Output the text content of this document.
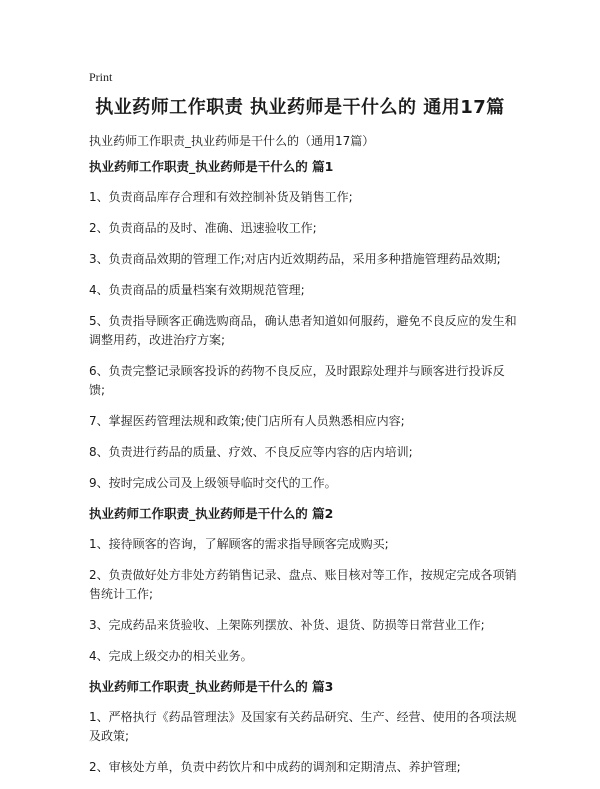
Print
执业药师工作职责 执业药师是干什么的 通用17篇

执业药师工作职责_执业药师是干什么的（通用17篇）

执业药师工作职责_执业药师是干什么的 篇1

1、负责商品库存合理和有效控制补货及销售工作;

2、负责商品的及时、准确、迅速验收工作;

3、负责商品效期的管理工作;对店内近效期药品，采用多种措施管理药品效期;

4、负责商品的质量档案有效期规范管理;

5、负责指导顾客正确选购商品，确认患者知道如何服药，避免不良反应的发生和调整用药，改进治疗方案;

6、负责完整记录顾客投诉的药物不良反应，及时跟踪处理并与顾客进行投诉反馈;

7、掌握医药管理法规和政策;使门店所有人员熟悉相应内容;

8、负责进行药品的质量、疗效、不良反应等内容的店内培训;

9、按时完成公司及上级领导临时交代的工作。

执业药师工作职责_执业药师是干什么的 篇2

1、接待顾客的咨询，了解顾客的需求指导顾客完成购买;

2、负责做好处方非处方药销售记录、盘点、账目核对等工作，按规定完成各项销售统计工作;

3、完成药品来货验收、上架陈列摆放、补货、退货、防损等日常营业工作;

4、完成上级交办的相关业务。

执业药师工作职责_执业药师是干什么的 篇3

1、严格执行《药品管理法》及国家有关药品研究、生产、经营、使用的各项法规及政策;

2、审核处方单，负责中药饮片和中成药的调剂和定期清点、养护管理;
